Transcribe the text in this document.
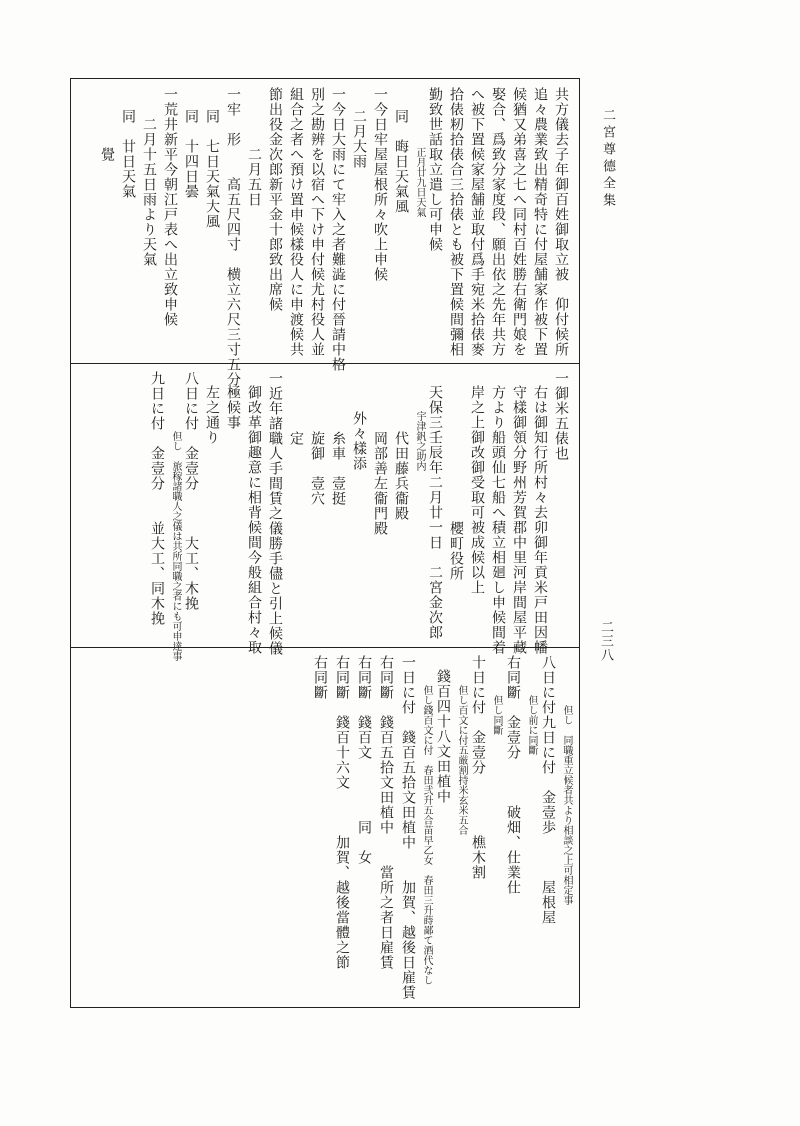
二宮尊德全集
二三八
共方儀去子年御百姓御取立被　仰付候所
追々農業致出精奇特に付屋舗家作被下置
候猶又弟喜之七へ同村百姓勝右衛門娘を
娶合、爲致分家度段、願出依之先年共方
へ被下置候家屋舗並取付爲手宛米拾俵麥
拾俵籾拾俵合三拾俵とも被下置候間彌相
勤致世話取立遣し可申候
正月廿九日天氣
同　晦日天氣風
一今日牢屋屋根所々吹上申候
二月大雨
一今日大雨にて牢入之者難澁に付晉請中格
別之勘辨を以宿へ下け申付候尤村役人並
組合之者へ預け置申候樣役人に申渡候共
節出役金次郎新平金十郎致出席候
二月五日
一牢　形　　高五尺四寸　横立六尺三寸五分
同　七日天氣大風
同　十四日曇
一荒井新平今朝江戸表へ出立致申候
二月十五日雨より天氣
同　廿日天氣
覺
一御米五俵也
右は御知行所村々去卯御年貢米戸田因幡
守樣御領分野州芳賀郡中里河岸間屋平藏
方より船頭仙七船へ積立相廻し申候間着
岸之上御改御受取可被成候以上
櫻町役所
天保三壬辰年二月廿一日　二宮金次郎
宇津釩之助内
代田藤兵衞殿
岡部善左衞門殿
外々樣添
糸車　壹挺
旋御　壹穴
定
一近年諸職人手間賃之儀勝手儘と引上候儀
御改革御趣意に相背候間今般組合村々取
極候事
左之通り
八日に付　金壹分　　　大工、木挽
但し　旅稼諸職人之儀は共所同職之者にも可申達事
九日に付　金壹分　　並大工、同木挽
但し　同職重立候者共より相談之上可相定事
八日に付九日に付　金壹歩　　　屋根屋
但し前に同斷
右同斷　金壹分　　　破畑、仕業仕
但し同斷
十日に付　金壹分　　　　樵木割
但し百文に付五厳割持米玄米五合
錢百四十八文田植中
但し錢百文に付　春田弐升五合苗早乙女　春田三升蒔鄙て酒代なし
一日に付　錢百五拾文田植中　　加賀、越後日雇賃
右同斷　錢百五拾文田植中　　當所之者日雇賃
右同斷　錢百文　　　　同　女
右同斷　錢百十六文　　　加賀、越後當體之節
右同斷
